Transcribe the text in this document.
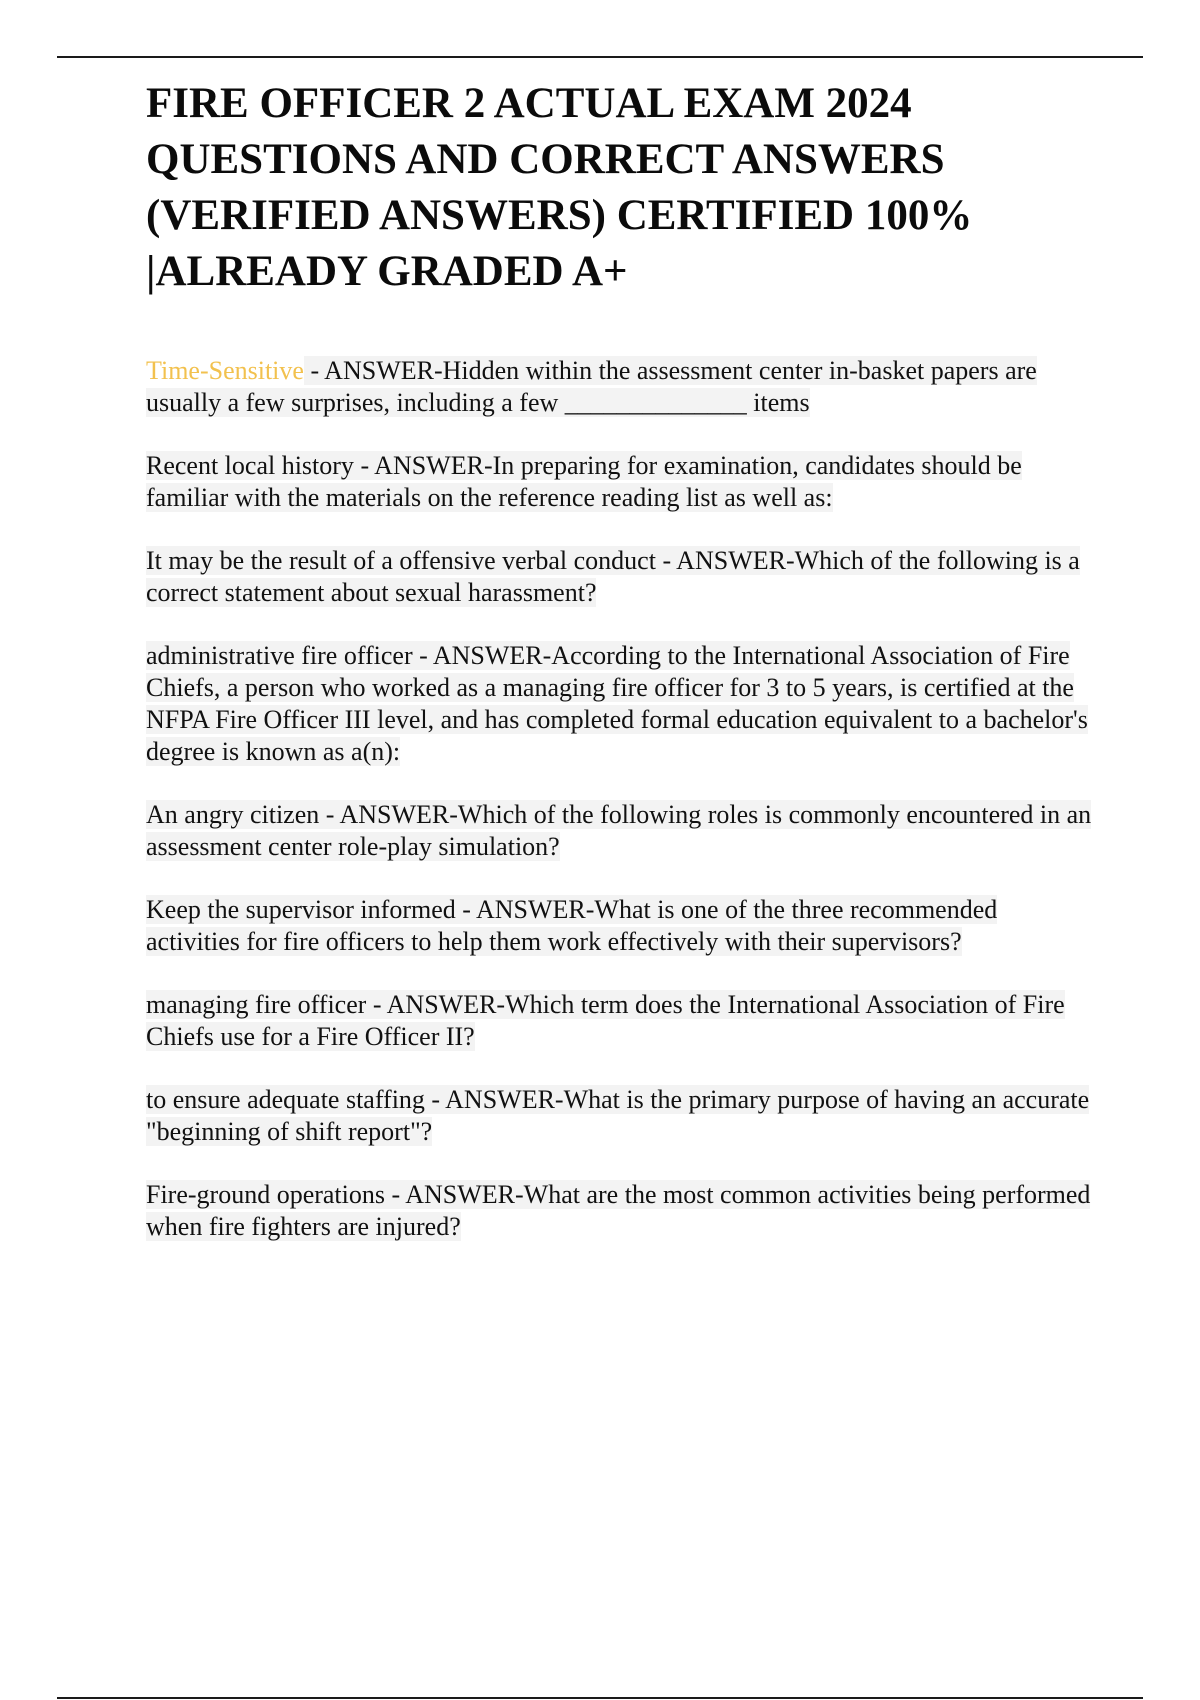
FIRE OFFICER 2 ACTUAL EXAM 2024 QUESTIONS AND CORRECT ANSWERS (VERIFIED ANSWERS) CERTIFIED 100% |ALREADY GRADED A+

Time-Sensitive - ANSWER-Hidden within the assessment center in-basket papers are usually a few surprises, including a few ______________ items

Recent local history - ANSWER-In preparing for examination, candidates should be familiar with the materials on the reference reading list as well as:

It may be the result of a offensive verbal conduct - ANSWER-Which of the following is a correct statement about sexual harassment?

administrative fire officer - ANSWER-According to the International Association of Fire Chiefs, a person who worked as a managing fire officer for 3 to 5 years, is certified at the NFPA Fire Officer III level, and has completed formal education equivalent to a bachelor's degree is known as a(n):

An angry citizen - ANSWER-Which of the following roles is commonly encountered in an assessment center role-play simulation?

Keep the supervisor informed - ANSWER-What is one of the three recommended activities for fire officers to help them work effectively with their supervisors?

managing fire officer - ANSWER-Which term does the International Association of Fire Chiefs use for a Fire Officer II?

to ensure adequate staffing - ANSWER-What is the primary purpose of having an accurate "beginning of shift report"?

Fire-ground operations - ANSWER-What are the most common activities being performed when fire fighters are injured?
